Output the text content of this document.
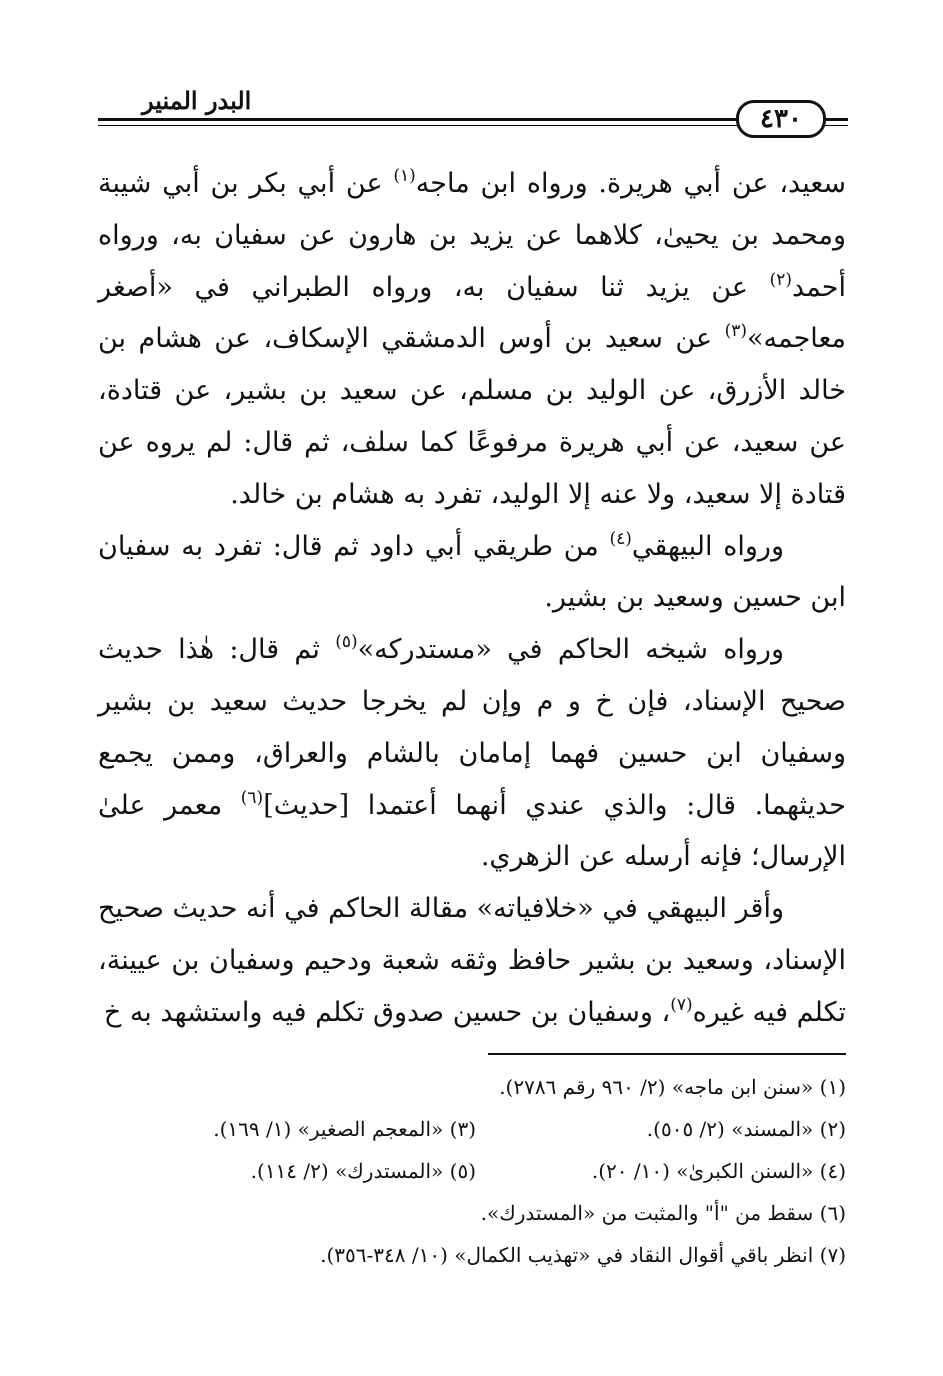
٤٣٠
البدر المنير

سعيد، عن أبي هريرة. ورواه ابن ماجه$^{(١)}$ عن أبي بكر بن أبي شيبة ومحمد بن يحيىٰ، كلاهما عن يزيد بن هارون عن سفيان به، ورواه أحمد$^{(٢)}$ عن يزيد ثنا سفيان به، ورواه الطبراني في «أصغر معاجمه»$^{(٣)}$ عن سعيد بن أوس الدمشقي الإسكاف، عن هشام بن خالد الأزرق، عن الوليد بن مسلم، عن سعيد بن بشير، عن قتادة، عن سعيد، عن أبي هريرة مرفوعًا كما سلف، ثم قال: لم يروه عن قتادة إلا سعيد، ولا عنه إلا الوليد، تفرد به هشام بن خالد.

ورواه البيهقي$^{(٤)}$ من طريقي أبي داود ثم قال: تفرد به سفيان ابن حسين وسعيد بن بشير.

ورواه شيخه الحاكم في «مستدركه»$^{(٥)}$ ثم قال: هٰذا حديث صحيح الإسناد، فإن خ و م وإن لم يخرجا حديث سعيد بن بشير وسفيان ابن حسين فهما إمامان بالشام والعراق، وممن يجمع حديثهما. قال: والذي عندي أنهما أعتمدا [حديث]$^{(٦)}$ معمر علىٰ الإرسال؛ فإنه أرسله عن الزهري.

وأقر البيهقي في «خلافياته» مقالة الحاكم في أنه حديث صحيح الإسناد، وسعيد بن بشير حافظ وثقه شعبة ودحيم وسفيان بن عيينة، تكلم فيه غيره$^{(٧)}$، وسفيان بن حسين صدوق تكلم فيه واستشهد به خ

(١) «سنن ابن ماجه» (٢/ ٩٦٠ رقم ٢٧٨٦).
(٢) «المسند» (٢/ ٥٠٥).(٣) «المعجم الصغير» (١/ ١٦٩).
(٤) «السنن الكبرىٰ» (١٠/ ٢٠).(٥) «المستدرك» (٢/ ١١٤).
(٦) سقط من "أ" والمثبت من «المستدرك».
(٧) انظر باقي أقوال النقاد في «تهذيب الكمال» (١٠/ ٣٤٨-٣٥٦).
